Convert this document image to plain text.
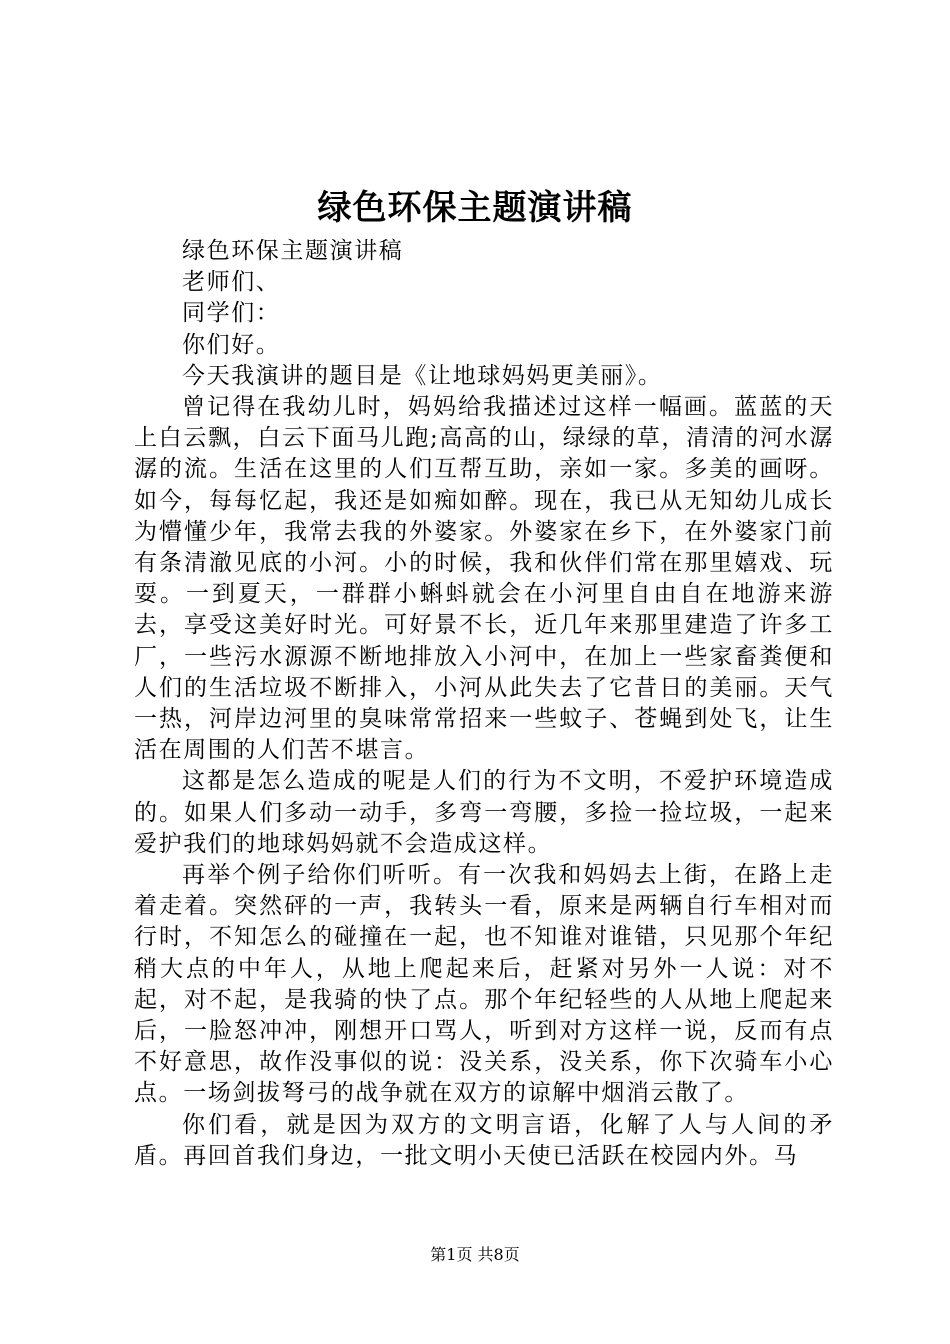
绿色环保主题演讲稿

绿色环保主题演讲稿

老师们、

同学们：

你们好。

今天我演讲的题目是《让地球妈妈更美丽》。

曾记得在我幼儿时，妈妈给我描述过这样一幅画。蓝蓝的天上白云飘，白云下面马儿跑;高高的山，绿绿的草，清清的河水潺潺的流。生活在这里的人们互帮互助，亲如一家。多美的画呀。如今，每每忆起，我还是如痴如醉。现在，我已从无知幼儿成长为懵懂少年，我常去我的外婆家。外婆家在乡下，在外婆家门前有条清澈见底的小河。小的时候，我和伙伴们常在那里嬉戏、玩耍。一到夏天，一群群小蝌蚪就会在小河里自由自在地游来游去，享受这美好时光。可好景不长，近几年来那里建造了许多工厂，一些污水源源不断地排放入小河中，在加上一些家畜粪便和人们的生活垃圾不断排入，小河从此失去了它昔日的美丽。天气一热，河岸边河里的臭味常常招来一些蚊子、苍蝇到处飞，让生活在周围的人们苦不堪言。

这都是怎么造成的呢是人们的行为不文明，不爱护环境造成的。如果人们多动一动手，多弯一弯腰，多捡一捡垃圾，一起来爱护我们的地球妈妈就不会造成这样。

再举个例子给你们听听。有一次我和妈妈去上街，在路上走着走着。突然砰的一声，我转头一看，原来是两辆自行车相对而行时，不知怎么的碰撞在一起，也不知谁对谁错，只见那个年纪稍大点的中年人，从地上爬起来后，赶紧对另外一人说：对不起，对不起，是我骑的快了点。那个年纪轻些的人从地上爬起来后，一脸怒冲冲，刚想开口骂人，听到对方这样一说，反而有点不好意思，故作没事似的说：没关系，没关系，你下次骑车小心点。一场剑拔弩弓的战争就在双方的谅解中烟消云散了。

你们看，就是因为双方的文明言语，化解了人与人间的矛盾。再回首我们身边，一批文明小天使已活跃在校园内外。马

第1页 共8页
